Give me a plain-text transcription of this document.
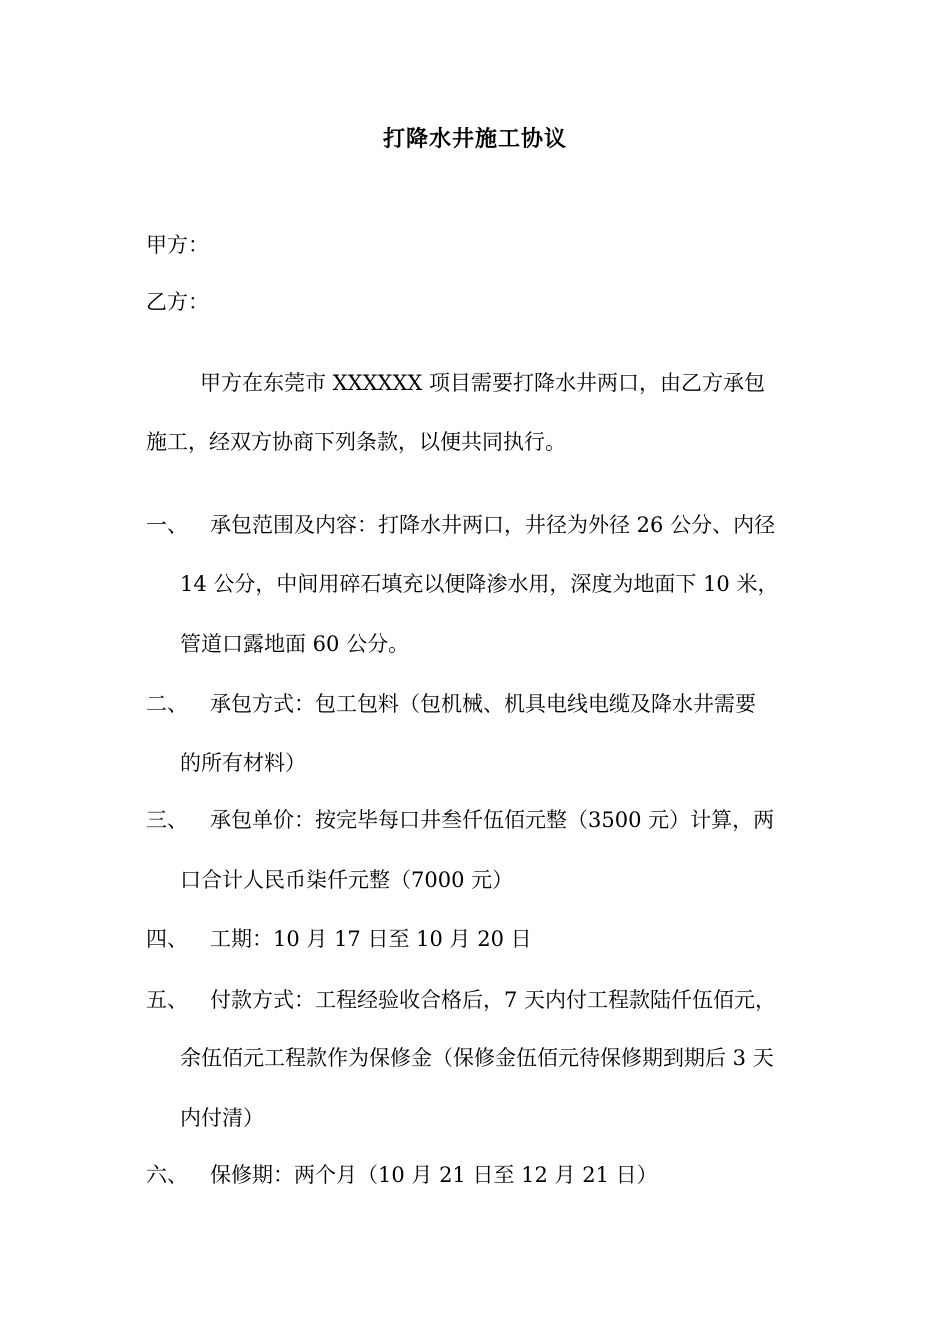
打降水井施工协议
甲方：
乙方：
甲方在东莞市 XXXXXX 项目需要打降水井两口，由乙方承包
施工，经双方协商下列条款，以便共同执行。
一、 承包范围及内容：打降水井两口，井径为外径 26 公分、内径
14 公分，中间用碎石填充以便降渗水用，深度为地面下 10 米，
管道口露地面 60 公分。
二、 承包方式：包工包料（包机械、机具电线电缆及降水井需要
的所有材料）
三、 承包单价：按完毕每口井叁仟伍佰元整（3500 元）计算，两
口合计人民币柒仟元整（7000 元）
四、 工期：10 月 17 日至 10 月 20 日
五、 付款方式：工程经验收合格后，7 天内付工程款陆仟伍佰元，
余伍佰元工程款作为保修金（保修金伍佰元待保修期到期后 3 天
内付清）
六、 保修期：两个月（10 月 21 日至 12 月 21 日）
